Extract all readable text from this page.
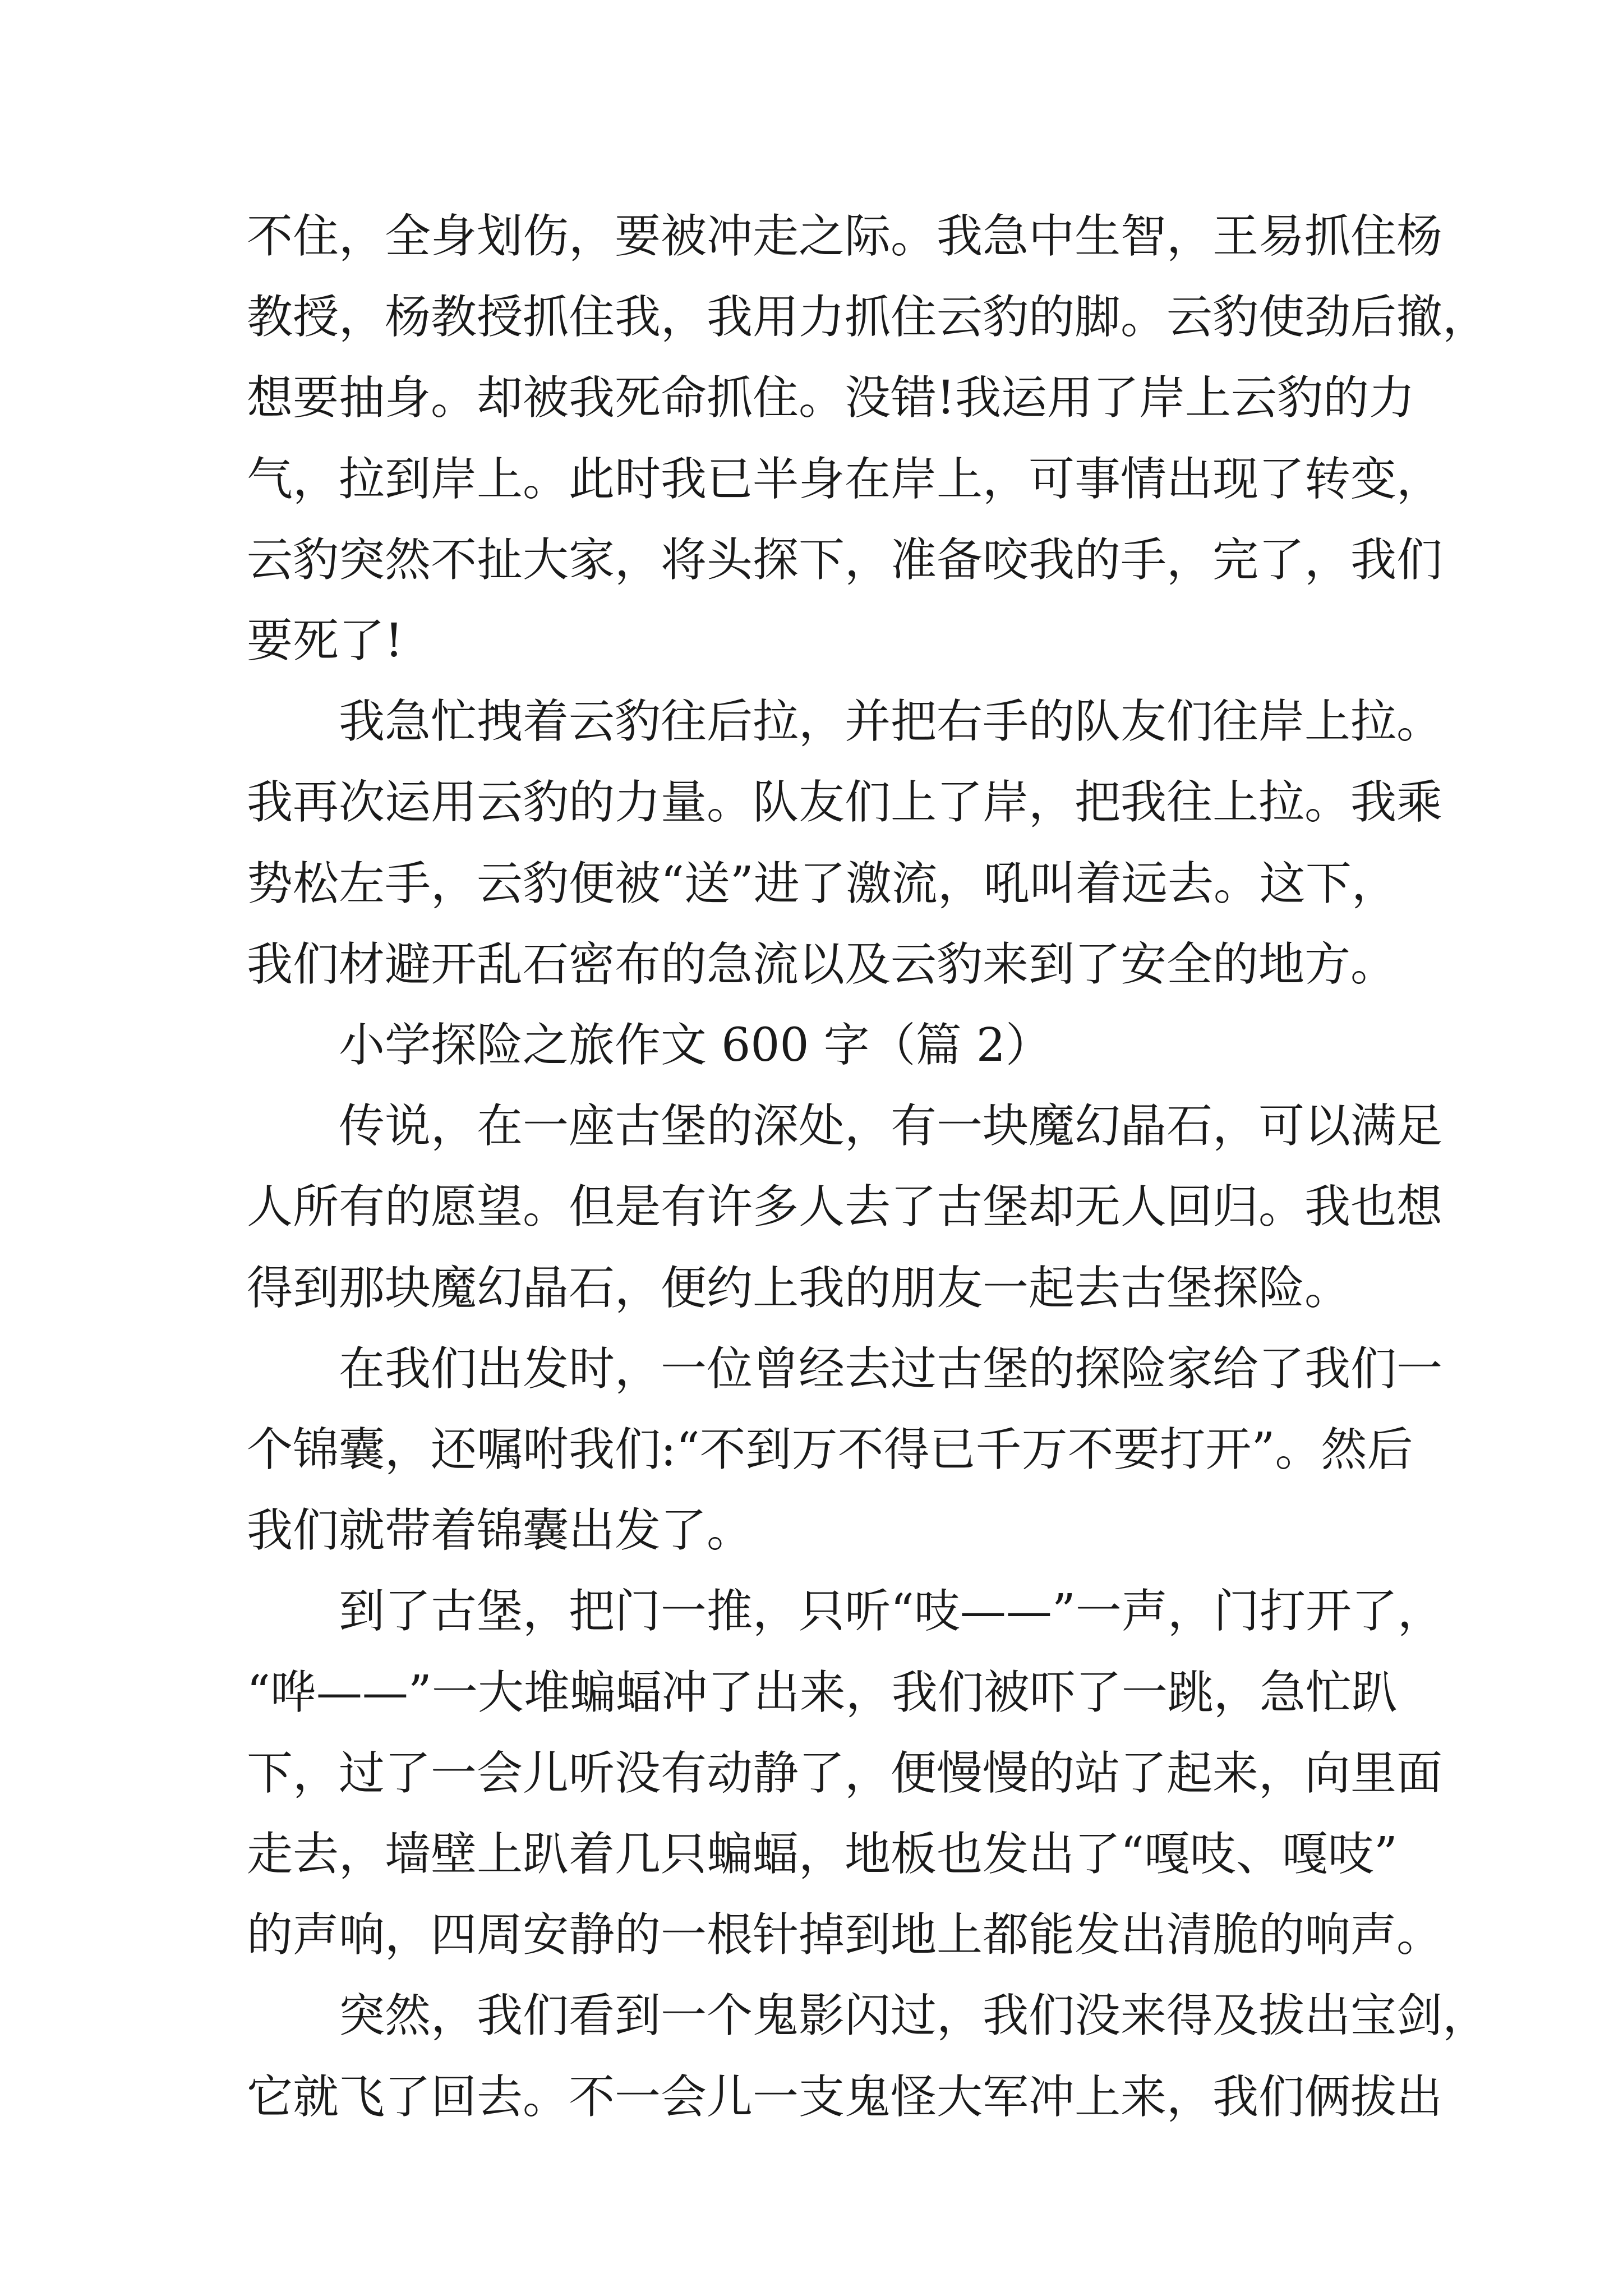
不住，全身划伤，要被冲走之际。我急中生智，王易抓住杨
教授，杨教授抓住我，我用力抓住云豹的脚。云豹使劲后撤，
想要抽身。却被我死命抓住。没错!我运用了岸上云豹的力
气，拉到岸上。此时我已半身在岸上，可事情出现了转变，
云豹突然不扯大家，将头探下，准备咬我的手，完了，我们
要死了!
我急忙拽着云豹往后拉，并把右手的队友们往岸上拉。
我再次运用云豹的力量。队友们上了岸，把我往上拉。我乘
势松左手，云豹便被“送”进了激流，吼叫着远去。这下，
我们材避开乱石密布的急流以及云豹来到了安全的地方。
小学探险之旅作文 600 字（篇 2）
传说，在一座古堡的深处，有一块魔幻晶石，可以满足
人所有的愿望。但是有许多人去了古堡却无人回归。我也想
得到那块魔幻晶石，便约上我的朋友一起去古堡探险。
在我们出发时，一位曾经去过古堡的探险家给了我们一
个锦囊，还嘱咐我们:“不到万不得已千万不要打开”。然后
我们就带着锦囊出发了。
到了古堡，把门一推，只听“吱——”一声，门打开了，
“哗——”一大堆蝙蝠冲了出来，我们被吓了一跳，急忙趴
下，过了一会儿听没有动静了，便慢慢的站了起来，向里面
走去，墙壁上趴着几只蝙蝠，地板也发出了“嘎吱、嘎吱”
的声响，四周安静的一根针掉到地上都能发出清脆的响声。
突然，我们看到一个鬼影闪过，我们没来得及拔出宝剑，
它就飞了回去。不一会儿一支鬼怪大军冲上来，我们俩拔出
